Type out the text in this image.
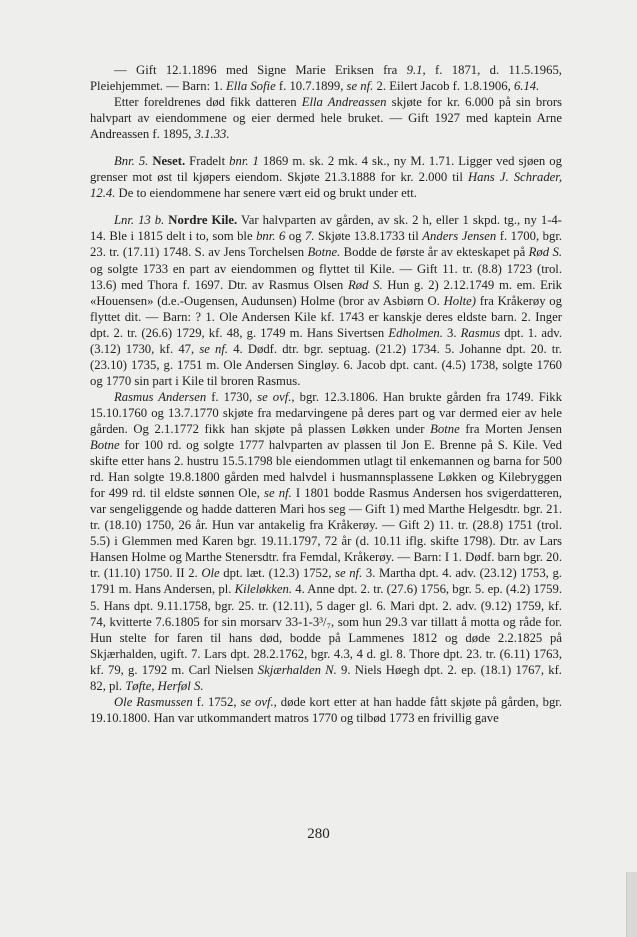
— Gift 12.1.1896 med Signe Marie Eriksen fra 9.1, f. 1871, d. 11.5.1965, Pleiehjemmet. — Barn: 1. Ella Sofie f. 10.7.1899, se nf. 2. Eilert Jacob f. 1.8.1906, 6.14.

Etter foreldrenes død fikk datteren Ella Andreassen skjøte for kr. 6.000 på sin brors halvpart av eiendommene og eier dermed hele bruket. — Gift 1927 med kaptein Arne Andreassen f. 1895, 3.1.33.

Bnr. 5. Neset. Fradelt bnr. 1 1869 m. sk. 2 mk. 4 sk., ny M. 1.71. Ligger ved sjøen og grenser mot øst til kjøpers eiendom. Skjøte 21.3.1888 for kr. 2.000 til Hans J. Schrader, 12.4. De to eiendommene har senere vært eid og brukt under ett.

Lnr. 13 b. Nordre Kile. Var halvparten av gården, av sk. 2 h, eller 1 skpd. tg., ny 1-4-14. Ble i 1815 delt i to, som ble bnr. 6 og 7. Skjøte 13.8.1733 til Anders Jensen f. 1700, bgr. 23. tr. (17.11) 1748. S. av Jens Torchelsen Botne. Bodde de første år av ekteskapet på Rød S. og solgte 1733 en part av eiendommen og flyttet til Kile. — Gift 11. tr. (8.8) 1723 (trol. 13.6) med Thora f. 1697. Dtr. av Rasmus Olsen Rød S. Hun g. 2) 2.12.1749 m. em. Erik «Houensen» (d.e.-Ougensen, Audunsen) Holme (bror av Asbiørn O. Holte) fra Kråkerøy og flyttet dit. — Barn: ? 1. Ole Andersen Kile kf. 1743 er kanskje deres eldste barn. 2. Inger dpt. 2. tr. (26.6) 1729, kf. 48, g. 1749 m. Hans Sivertsen Edholmen. 3. Rasmus dpt. 1. adv. (3.12) 1730, kf. 47, se nf. 4. Dødf. dtr. bgr. septuag. (21.2) 1734. 5. Johanne dpt. 20. tr. (23.10) 1735, g. 1751 m. Ole Andersen Singløy. 6. Jacob dpt. cant. (4.5) 1738, solgte 1760 og 1770 sin part i Kile til broren Rasmus.

Rasmus Andersen f. 1730, se ovf., bgr. 12.3.1806. Han brukte gården fra 1749. Fikk 15.10.1760 og 13.7.1770 skjøte fra medarvingene på deres part og var dermed eier av hele gården. Og 2.1.1772 fikk han skjøte på plassen Løkken under Botne fra Morten Jensen Botne for 100 rd. og solgte 1777 halvparten av plassen til Jon E. Brenne på S. Kile. Ved skifte etter hans 2. hustru 15.5.1798 ble eiendommen utlagt til enkemannen og barna for 500 rd. Han solgte 19.8.1800 gården med halvdel i husmannsplassene Løkken og Kilebryggen for 499 rd. til eldste sønnen Ole, se nf. I 1801 bodde Rasmus Andersen hos svigerdatteren, var sengeliggende og hadde datteren Mari hos seg — Gift 1) med Marthe Helgesdtr. bgr. 21. tr. (18.10) 1750, 26 år. Hun var antakelig fra Kråkerøy. — Gift 2) 11. tr. (28.8) 1751 (trol. 5.5) i Glemmen med Karen bgr. 19.11.1797, 72 år (d. 10.11 iflg. skifte 1798). Dtr. av Lars Hansen Holme og Marthe Stenersdtr. fra Femdal, Kråkerøy. — Barn: I 1. Dødf. barn bgr. 20. tr. (11.10) 1750. II 2. Ole dpt. læt. (12.3) 1752, se nf. 3. Martha dpt. 4. adv. (23.12) 1753, g. 1791 m. Hans Andersen, pl. Kileløkken. 4. Anne dpt. 2. tr. (27.6) 1756, bgr. 5. ep. (4.2) 1759. 5. Hans dpt. 9.11.1758, bgr. 25. tr. (12.11), 5 dager gl. 6. Mari dpt. 2. adv. (9.12) 1759, kf. 74, kvitterte 7.6.1805 for sin morsarv 33-1-3³/₇, som hun 29.3 var tillatt å motta og råde for. Hun stelte for faren til hans død, bodde på Lammenes 1812 og døde 2.2.1825 på Skjærhalden, ugift. 7. Lars dpt. 28.2.1762, bgr. 4.3, 4 d. gl. 8. Thore dpt. 23. tr. (6.11) 1763, kf. 79, g. 1792 m. Carl Nielsen Skjærhalden N. 9. Niels Høegh dpt. 2. ep. (18.1) 1767, kf. 82, pl. Tøfte, Herføl S.

Ole Rasmussen f. 1752, se ovf., døde kort etter at han hadde fått skjøte på gården, bgr. 19.10.1800. Han var utkommandert matros 1770 og tilbød 1773 en frivillig gave

280
